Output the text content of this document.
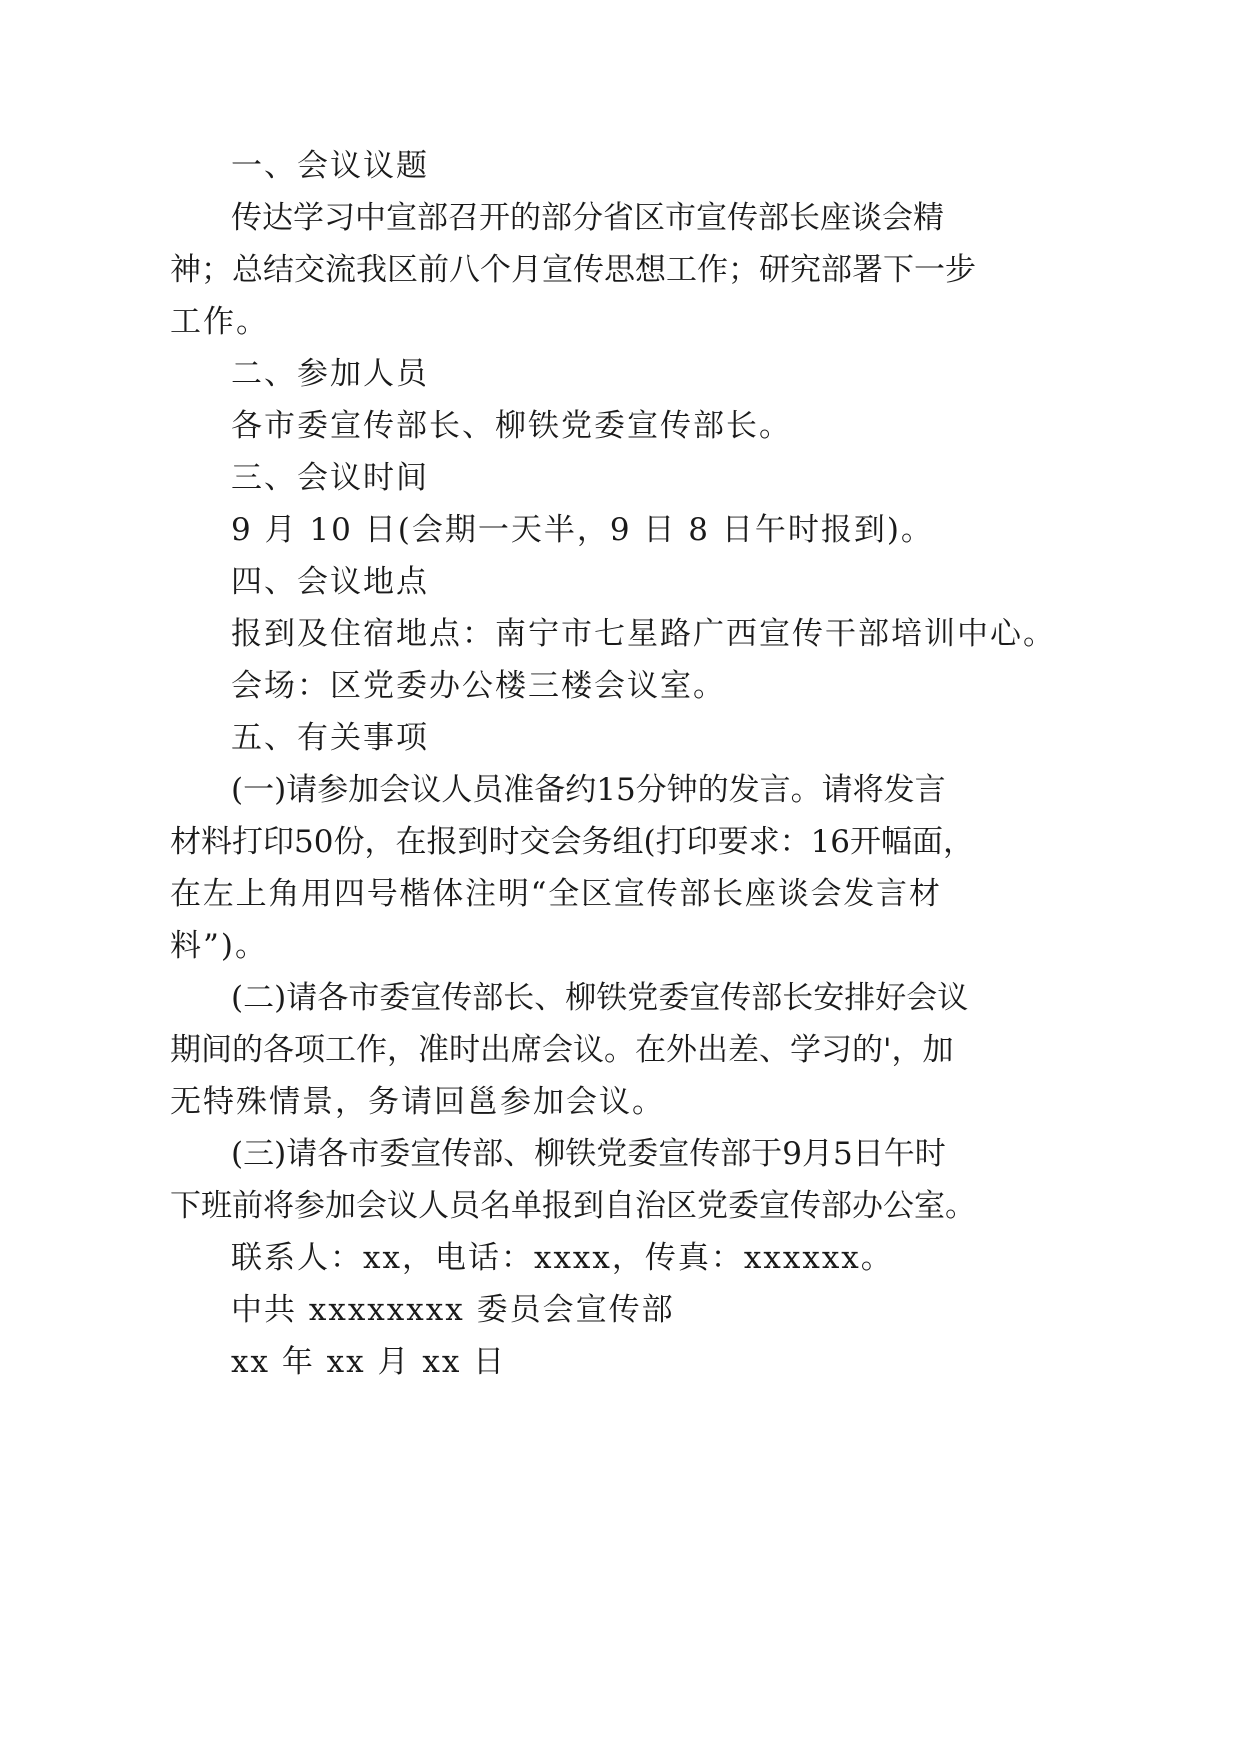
一、会议议题
传 达 学 习 中 宣 部 召 开 的 部 分 省 区 市 宣 传 部 长 座 谈 会 精
神 ； 总 结 交 流 我 区 前 八 个 月 宣 传 思 想 工 作 ； 研 究 部 署 下 一 步
工作。
二、参加人员
各市委宣传部长、柳铁党委宣传部长。
三、会议时间
9 月 10 日(会期一天半，9 日 8 日午时报到)。
四、会议地点
报到及住宿地点：南宁市七星路广西宣传干部培训中心。
会场：区党委办公楼三楼会议室。
五、有关事项
( 一 ) 请 参 加 会 议 人 员 准 备 约 15 分 钟 的 发 言 。 请 将 发 言
材 料 打 印 50 份 ， 在 报 到 时 交 会 务 组 ( 打 印 要 求 ： 16 开 幅 面 ，
在 左 上 角 用 四 号 楷 体 注 明 “ 全 区 宣 传 部 长 座 谈 会 发 言 材
料”)。
( 二 ) 请 各 市 委 宣 传 部 长 、 柳 铁 党 委 宣 传 部 长 安 排 好 会 议
期 间 的 各 项 工 作 ， 准 时 出 席 会 议 。 在 外 出 差 、 学 习 的 ' ， 加
无特殊情景，务请回邕参加会议。
( 三 ) 请 各 市 委 宣 传 部 、 柳 铁 党 委 宣 传 部 于 9 月 5 日 午 时
下 班 前 将 参 加 会 议 人 员 名 单 报 到 自 治 区 党 委 宣 传 部 办 公 室 。
联系人：xx，电话：xxxx，传真：xxxxxx。
中共 xxxxxxxx 委员会宣传部
xx 年 xx 月 xx 日
